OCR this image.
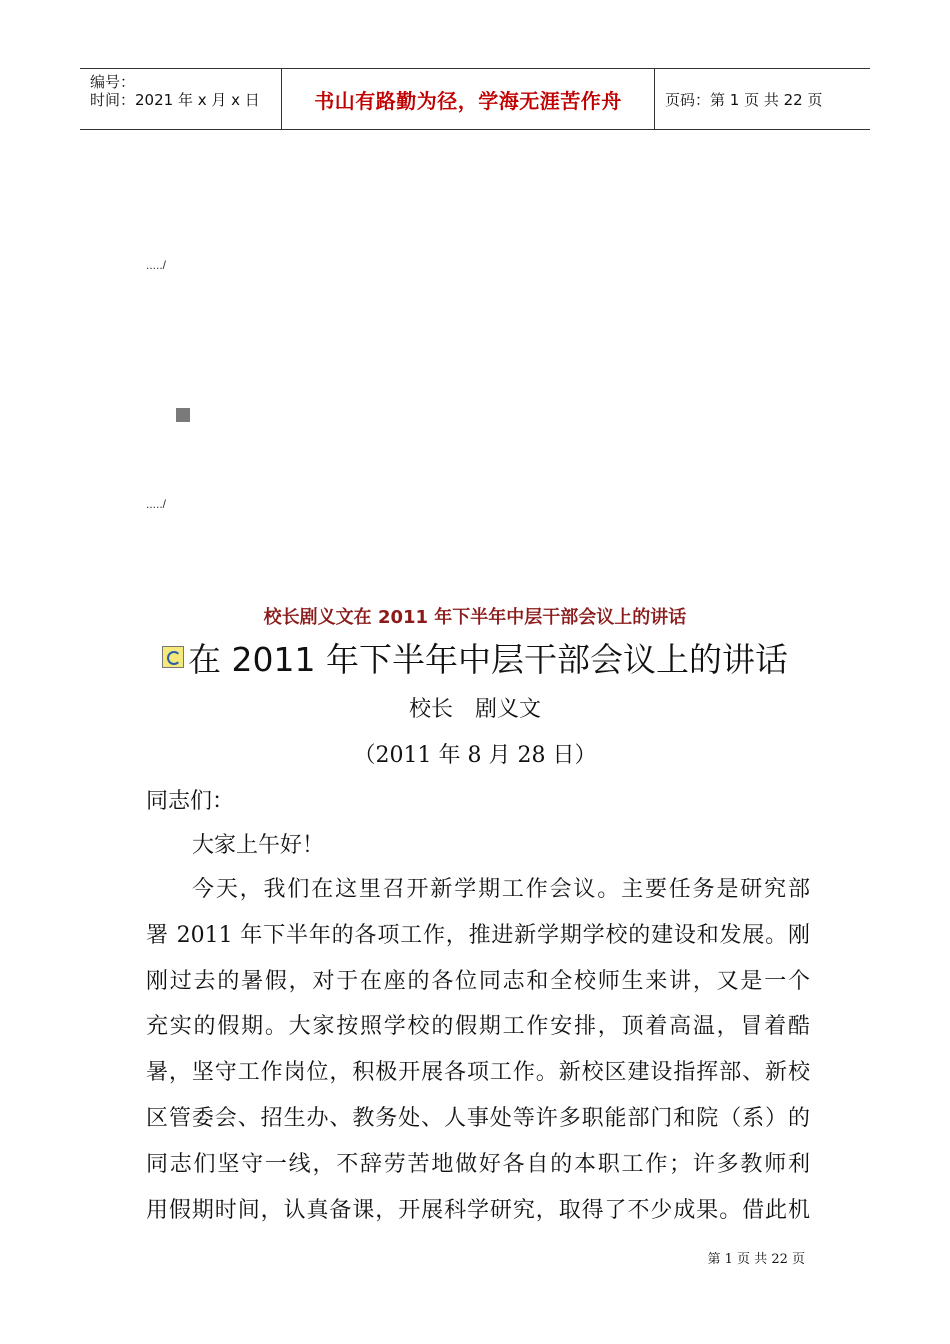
编号：
时间：2021 年 x 月 x 日	书山有路勤为径，学海无涯苦作舟	页码：第 1 页 共 22 页
...../
...../
校长剧义文在 2011 年下半年中层干部会议上的讲话
在 2011 年下半年中层干部会议上的讲话
校长　剧义文
（2011 年 8 月 28 日）
同志们：
大家上午好！
今天，我们在这里召开新学期工作会议。主要任务是研究部
署 2011 年下半年的各项工作，推进新学期学校的建设和发展。刚
刚过去的暑假，对于在座的各位同志和全校师生来讲，又是一个
充实的假期。大家按照学校的假期工作安排，顶着高温，冒着酷
暑，坚守工作岗位，积极开展各项工作。新校区建设指挥部、新校
区管委会、招生办、教务处、人事处等许多职能部门和院（系）的
同志们坚守一线，不辞劳苦地做好各自的本职工作；许多教师利
用假期时间，认真备课，开展科学研究，取得了不少成果。借此机
第 1 页 共 22 页
